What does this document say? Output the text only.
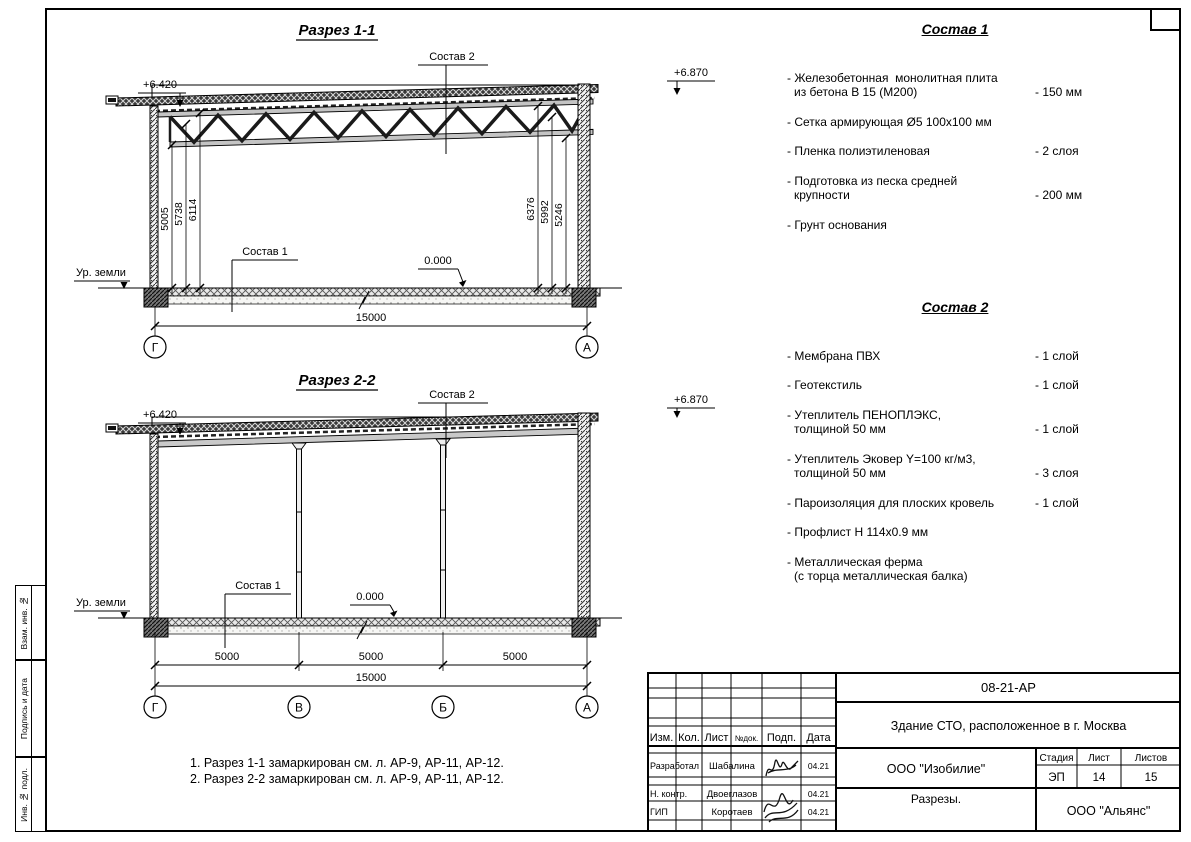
Взам. инв. №
Подпись и дата
Инв. № подл.
Разрез 1-1
5005 5738 6114	6376 5992 5246
15000
Г	А
+6.420
+6.870
Состав 2
Состав 1
0.000
Ур. земли
Разрез 2-2
5000	5000	5000
15000
Г	В	Б	А
+6.420
+6.870
Состав 2
Состав 1
0.000
Ур. земли
Состав 1
- Железобетонная  монолитная плита
из бетона В 15 (М200)	- 150 мм
- Сетка армирующая Ø5 100х100 мм
- Пленка полиэтиленовая	- 2 слоя
- Подготовка из песка средней
крупности	- 200 мм
- Грунт основания
Состав 2
- Мембрана ПВХ	- 1 слой
- Геотекстиль	- 1 слой
- Утеплитель ПЕНОПЛЭКС,
толщиной 50 мм	- 1 слой
- Утеплитель Эковер Y=100 кг/м3,
толщиной 50 мм	- 3 слоя
- Пароизоляция для плоских кровель	- 1 слой
- Профлист Н 114х0.9 мм
- Металлическая ферма
(с торца металлическая балка)
1. Разрез 1-1 замаркирован см. л. АР-9, АР-11, АР-12.
2. Разрез 2-2 замаркирован см. л. АР-9, АР-11, АР-12.
Изм. Кол. Лист №док. Подп. Дата
Разработал Шабалина	04.21
Н. контр. Двоеглазов	04.21
ГИП	Коротаев	04.21
08-21-АР
Здание СТО, расположенное в г. Москва
ООО "Изобилие"
Стадия Лист Листов
ЭП 14	15
Разрезы.
ООО "Альянс"
